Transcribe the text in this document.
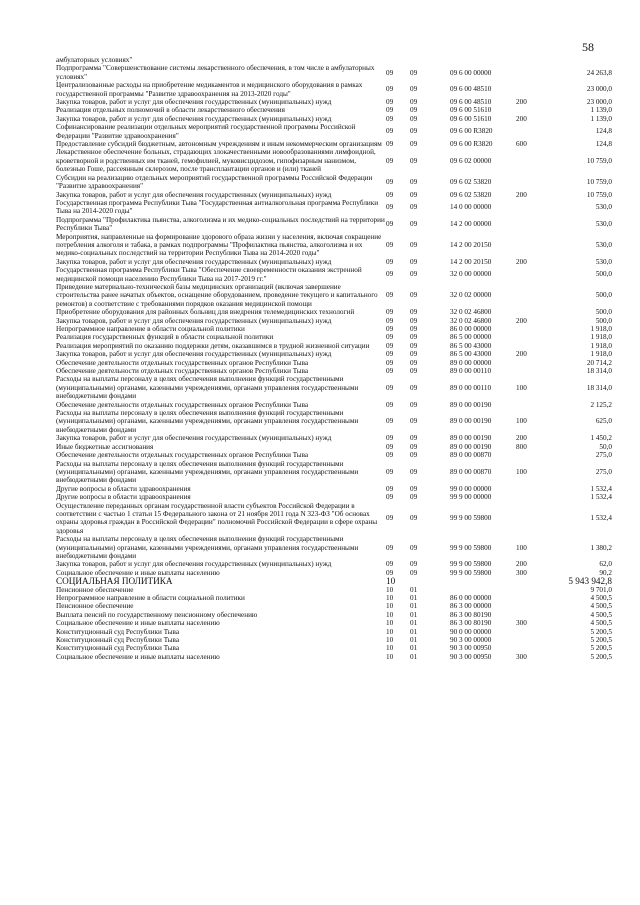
58
амбулаторных условиях"					
Подпрограмма "Совершенствование системы лекарственного обеспечения, в том числе в амбулаторных условиях"	09	09	09 6 00 00000		24 263,8
Централизованные расходы на приобретение медикаментов и медицинского оборудования в рамках государственной программы "Развитие здравоохранения на 2013-2020 годы"	09	09	09 6 00 48510		23 000,0
Закупка товаров, работ и услуг для обеспечения государственных (муниципальных) нужд	09	09	09 6 00 48510	200	23 000,0
Реализация отдельных полномочий в области лекарственного обеспечения	09	09	09 6 00 51610		1 139,0
Закупка товаров, работ и услуг для обеспечения государственных (муниципальных) нужд	09	09	09 6 00 51610	200	1 139,0
Софинансирование реализации отдельных мероприятий государственной программы Российской Федерации "Развитие здравоохранения"	09	09	09 6 00 R3820		124,8
Предоставление субсидий бюджетным, автономным учреждениям и иным некоммерческим организациям	09	09	09 6 00 R3820	600	124,8
Лекарственное обеспечение больных, страдающих злокачественными новообразованиями лимфоидной, кроветворной и родственных им тканей, гемофилией, муковисцидозом, гипофизарным нанизмом, болезнью Гоше, рассеянным склерозом, после трансплантации органов и (или) тканей	09	09	09 6 02 00000		10 759,0
Субсидии на реализацию отдельных мероприятий государственной программы Российской Федерации "Развитие здравоохранения"	09	09	09 6 02 53820		10 759,0
Закупка товаров, работ и услуг для обеспечения государственных (муниципальных) нужд	09	09	09 6 02 53820	200	10 759,0
Государственная программа Республики Тыва "Государственная антиалкогольная программа Республики Тыва на 2014-2020 годы"	09	09	14 0 00 00000		530,0
Подпрограмма "Профилактика пьянства, алкоголизма и их медико-социальных последствий на территории Республики Тыва"	09	09	14 2 00 00000		530,0
Мероприятия, направленные на формирование здорового образа жизни у населения, включая сокращение потребления алкоголя и табака, в рамках подпрограммы "Профилактика пьянства, алкоголизма и их медико-социальных последствий на территории Республики Тыва на 2014-2020 годы"	09	09	14 2 00 20150		530,0
Закупка товаров, работ и услуг для обеспечения государственных (муниципальных) нужд	09	09	14 2 00 20150	200	530,0
Государственная программа Республики Тыва "Обеспечение своевременности оказания экстренной медицинской помощи населению Республики Тыва на 2017-2019 гг."	09	09	32 0 00 00000		500,0
Приведение материально-технической базы медицинских организаций (включая завершение строительства ранее начатых объектов, оснащение оборудованием, проведение текущего и капитального ремонтов) в соответствие с требованиями порядков оказания медицинской помощи	09	09	32 0 02 00000		500,0
Приобретение оборудования для районных больниц для внедрения телемедицинских технологий	09	09	32 0 02 46800		500,0
Закупка товаров, работ и услуг для обеспечения государственных (муниципальных) нужд	09	09	32 0 02 46800	200	500,0
Непрограммное направление в области социальной политики	09	09	86 0 00 00000		1 918,0
Реализация государственных функций в области социальной политики	09	09	86 5 00 00000		1 918,0
Реализация мероприятий по оказанию поддержки детям, оказавшимся в трудной жизненной ситуации	09	09	86 5 00 43000		1 918,0
Закупка товаров, работ и услуг для обеспечения государственных (муниципальных) нужд	09	09	86 5 00 43000	200	1 918,0
Обеспечение деятельности отдельных государственных органов Республики Тыва	09	09	89 0 00 00000		20 714,2
Обеспечение деятельности отдельных государственных органов Республики Тыва	09	09	89 0 00 00110		18 314,0
Расходы на выплаты персоналу в целях обеспечения выполнения функций государственными (муниципальными) органами, казенными учреждениями, органами управления государственными внебюджетными фондами	09	09	89 0 00 00110	100	18 314,0
Обеспечение деятельности отдельных государственных органов Республики Тыва	09	09	89 0 00 00190		2 125,2
Расходы на выплаты персоналу в целях обеспечения выполнения функций государственными (муниципальными) органами, казенными учреждениями, органами управления государственными внебюджетными фондами	09	09	89 0 00 00190	100	625,0
Закупка товаров, работ и услуг для обеспечения государственных (муниципальных) нужд	09	09	89 0 00 00190	200	1 450,2
Иные бюджетные ассигнования	09	09	89 0 00 00190	800	50,0
Обеспечение деятельности отдельных государственных органов Республики Тыва	09	09	89 0 00 00870		275,0
Расходы на выплаты персоналу в целях обеспечения выполнения функций государственными (муниципальными) органами, казенными учреждениями, органами управления государственными внебюджетными фондами	09	09	89 0 00 00870	100	275,0
Другие вопросы в области здравоохранения	09	09	99 0 00 00000		1 532,4
Другие вопросы в области здравоохранения	09	09	99 9 00 00000		1 532,4
Осуществление переданных органам государственной власти субъектов Российской Федерации в соответствии с частью 1 статьи 15 Федерального закона от 21 ноября 2011 года N 323-ФЗ "Об основах охраны здоровья граждан в Российской Федерации" полномочий Российской Федерации в сфере охраны здоровья	09	09	99 9 00 59800		1 532,4
Расходы на выплаты персоналу в целях обеспечения выполнения функций государственными (муниципальными) органами, казенными учреждениями, органами управления государственными внебюджетными фондами	09	09	99 9 00 59800	100	1 380,2
Закупка товаров, работ и услуг для обеспечения государственных (муниципальных) нужд	09	09	99 9 00 59800	200	62,0
Социальное обеспечение и иные выплаты населению	09	09	99 9 00 59800	300	90,2
СОЦИАЛЬНАЯ ПОЛИТИКА	10				5 943 942,8
Пенсионное обеспечение	10	01			9 701,0
Непрограммное направление в области социальной политики	10	01	86 0 00 00000		4 500,5
Пенсионное обеспечение	10	01	86 3 00 00000		4 500,5
Выплата пенсий по государственному пенсионному обеспечению	10	01	86 3 00 80190		4 500,5
Социальное обеспечение и иные выплаты населению	10	01	86 3 00 80190	300	4 500,5
Конституционный суд Республики Тыва	10	01	90 0 00 00000		5 200,5
Конституционный суд Республики Тыва	10	01	90 3 00 00000		5 200,5
Конституционный суд Республики Тыва	10	01	90 3 00 00950		5 200,5
Социальное обеспечение и иные выплаты населению	10	01	90 3 00 00950	300	5 200,5
